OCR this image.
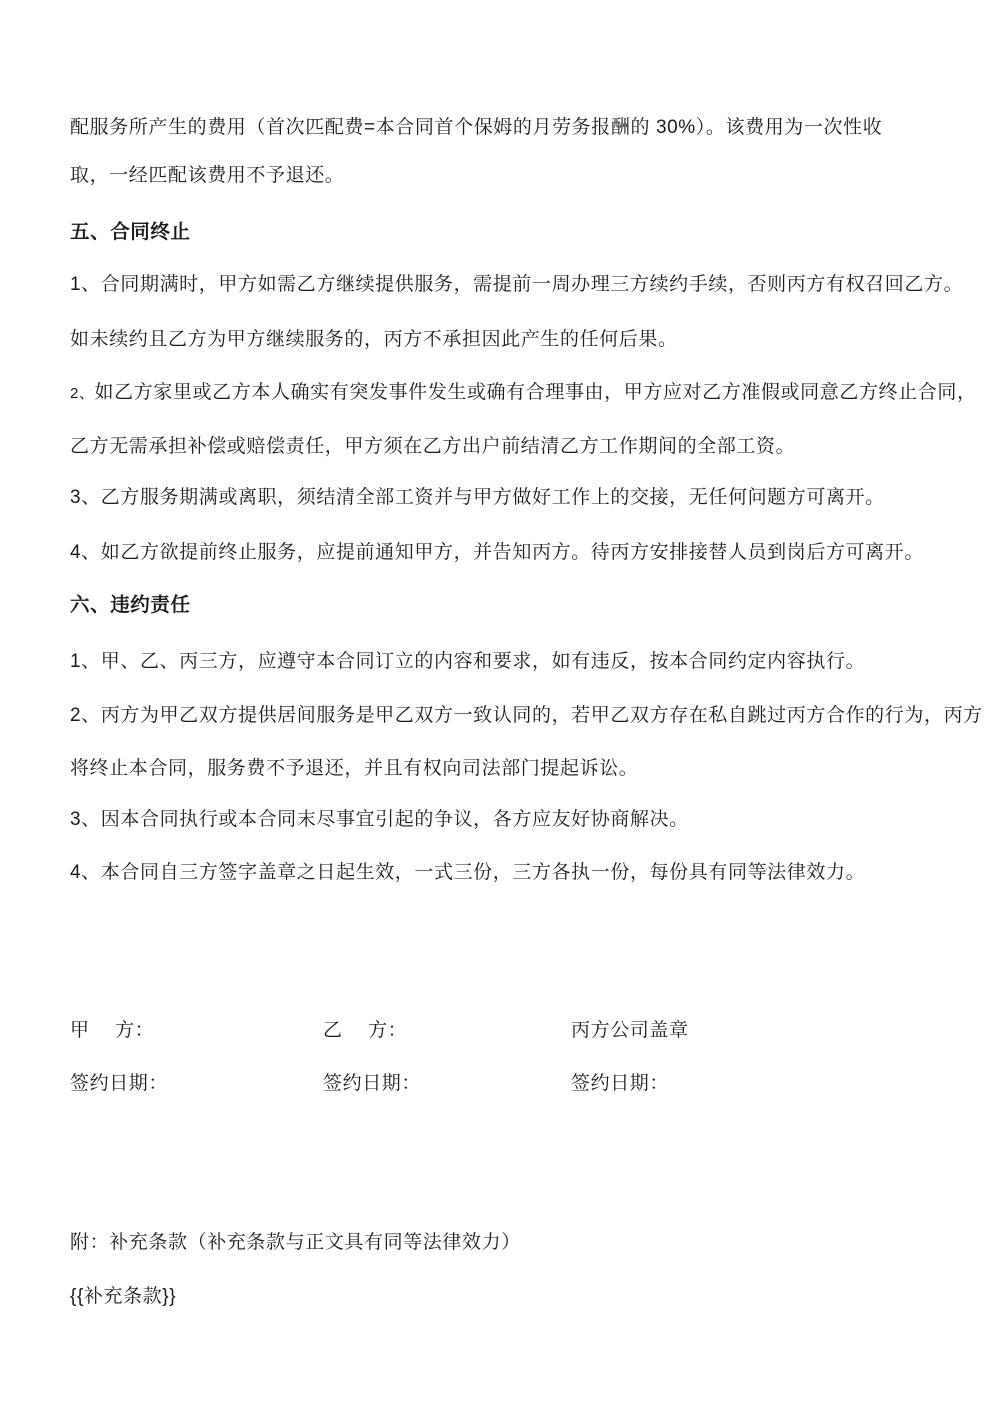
配服务所产生的费用（首次匹配费=本合同首个保姆的月劳务报酬的 30%）。该费用为一次性收
取，一经匹配该费用不予退还。
五、合同终止
1、合同期满时，甲方如需乙方继续提供服务，需提前一周办理三方续约手续，否则丙方有权召回乙方。
如未续约且乙方为甲方继续服务的，丙方不承担因此产生的任何后果。
2、如乙方家里或乙方本人确实有突发事件发生或确有合理事由，甲方应对乙方准假或同意乙方终止合同，
乙方无需承担补偿或赔偿责任，甲方须在乙方出户前结清乙方工作期间的全部工资。
3、乙方服务期满或离职，须结清全部工资并与甲方做好工作上的交接，无任何问题方可离开。
4、如乙方欲提前终止服务，应提前通知甲方，并告知丙方。待丙方安排接替人员到岗后方可离开。
六、违约责任
1、甲、乙、丙三方，应遵守本合同订立的内容和要求，如有违反，按本合同约定内容执行。
2、丙方为甲乙双方提供居间服务是甲乙双方一致认同的，若甲乙双方存在私自跳过丙方合作的行为，丙方
将终止本合同，服务费不予退还，并且有权向司法部门提起诉讼。
3、因本合同执行或本合同末尽事宜引起的争议，各方应友好协商解决。
4、本合同自三方签字盖章之日起生效，一式三份，三方各执一份，每份具有同等法律效力。
甲　 方：	乙　 方：	丙方公司盖章
签约日期：	签约日期：	签约日期：
附：补充条款（补充条款与正文具有同等法律效力）
{{补充条款}}
